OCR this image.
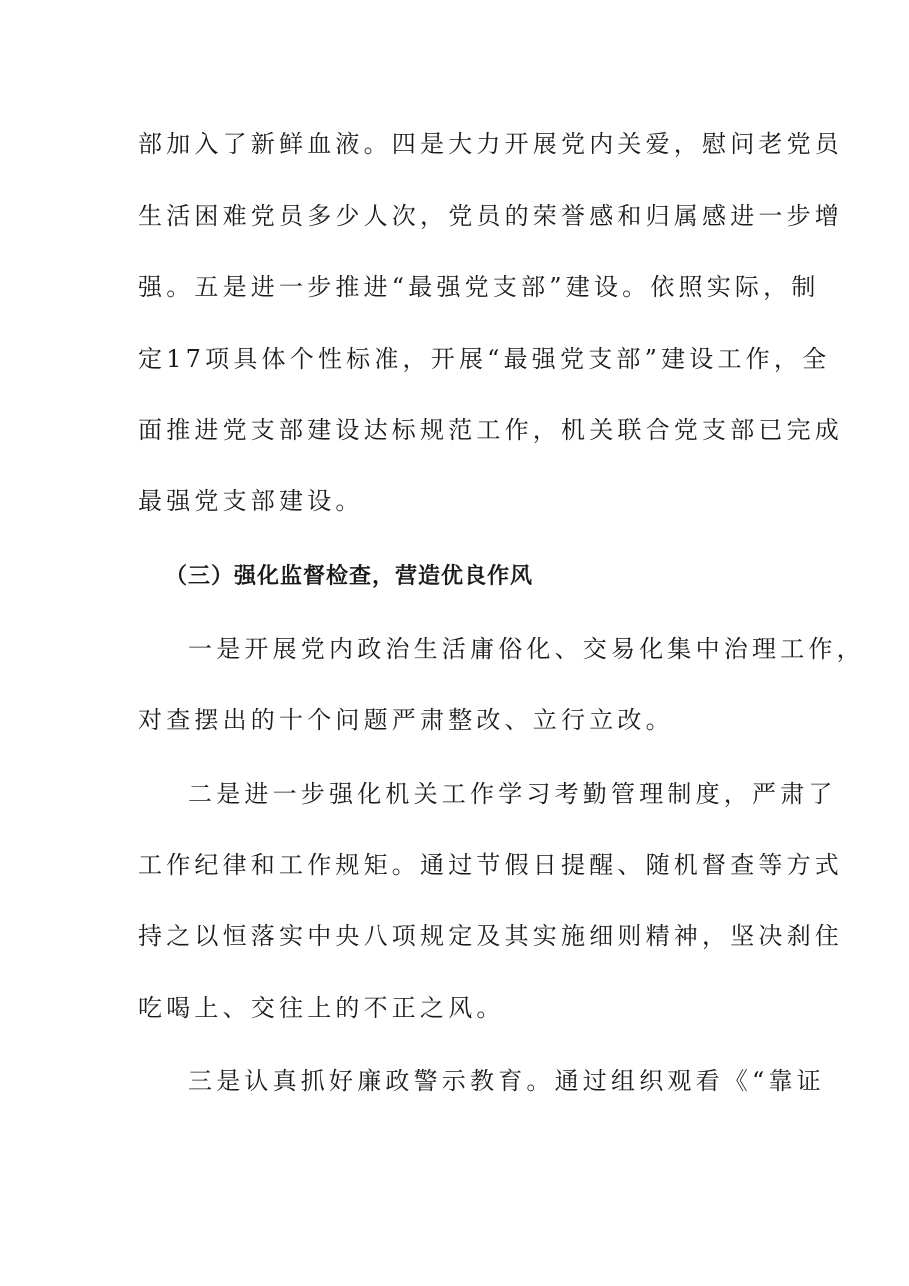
部加入了新鲜血液。四是大力开展党内关爱，慰问老党员
生活困难党员多少人次，党员的荣誉感和归属感进一步增
强。五是进一步推进“最强党支部”建设。依照实际，制
定17项具体个性标准，开展“最强党支部”建设工作，全
面推进党支部建设达标规范工作，机关联合党支部已完成
最强党支部建设。
（三）强化监督检查，营造优良作风
一是开展党内政治生活庸俗化、交易化集中治理工作，
对查摆出的十个问题严肃整改、立行立改。
二是进一步强化机关工作学习考勤管理制度，严肃了
工作纪律和工作规矩。通过节假日提醒、随机督查等方式
持之以恒落实中央八项规定及其实施细则精神，坚决刹住
吃喝上、交往上的不正之风。
三是认真抓好廉政警示教育。通过组织观看《“靠证
